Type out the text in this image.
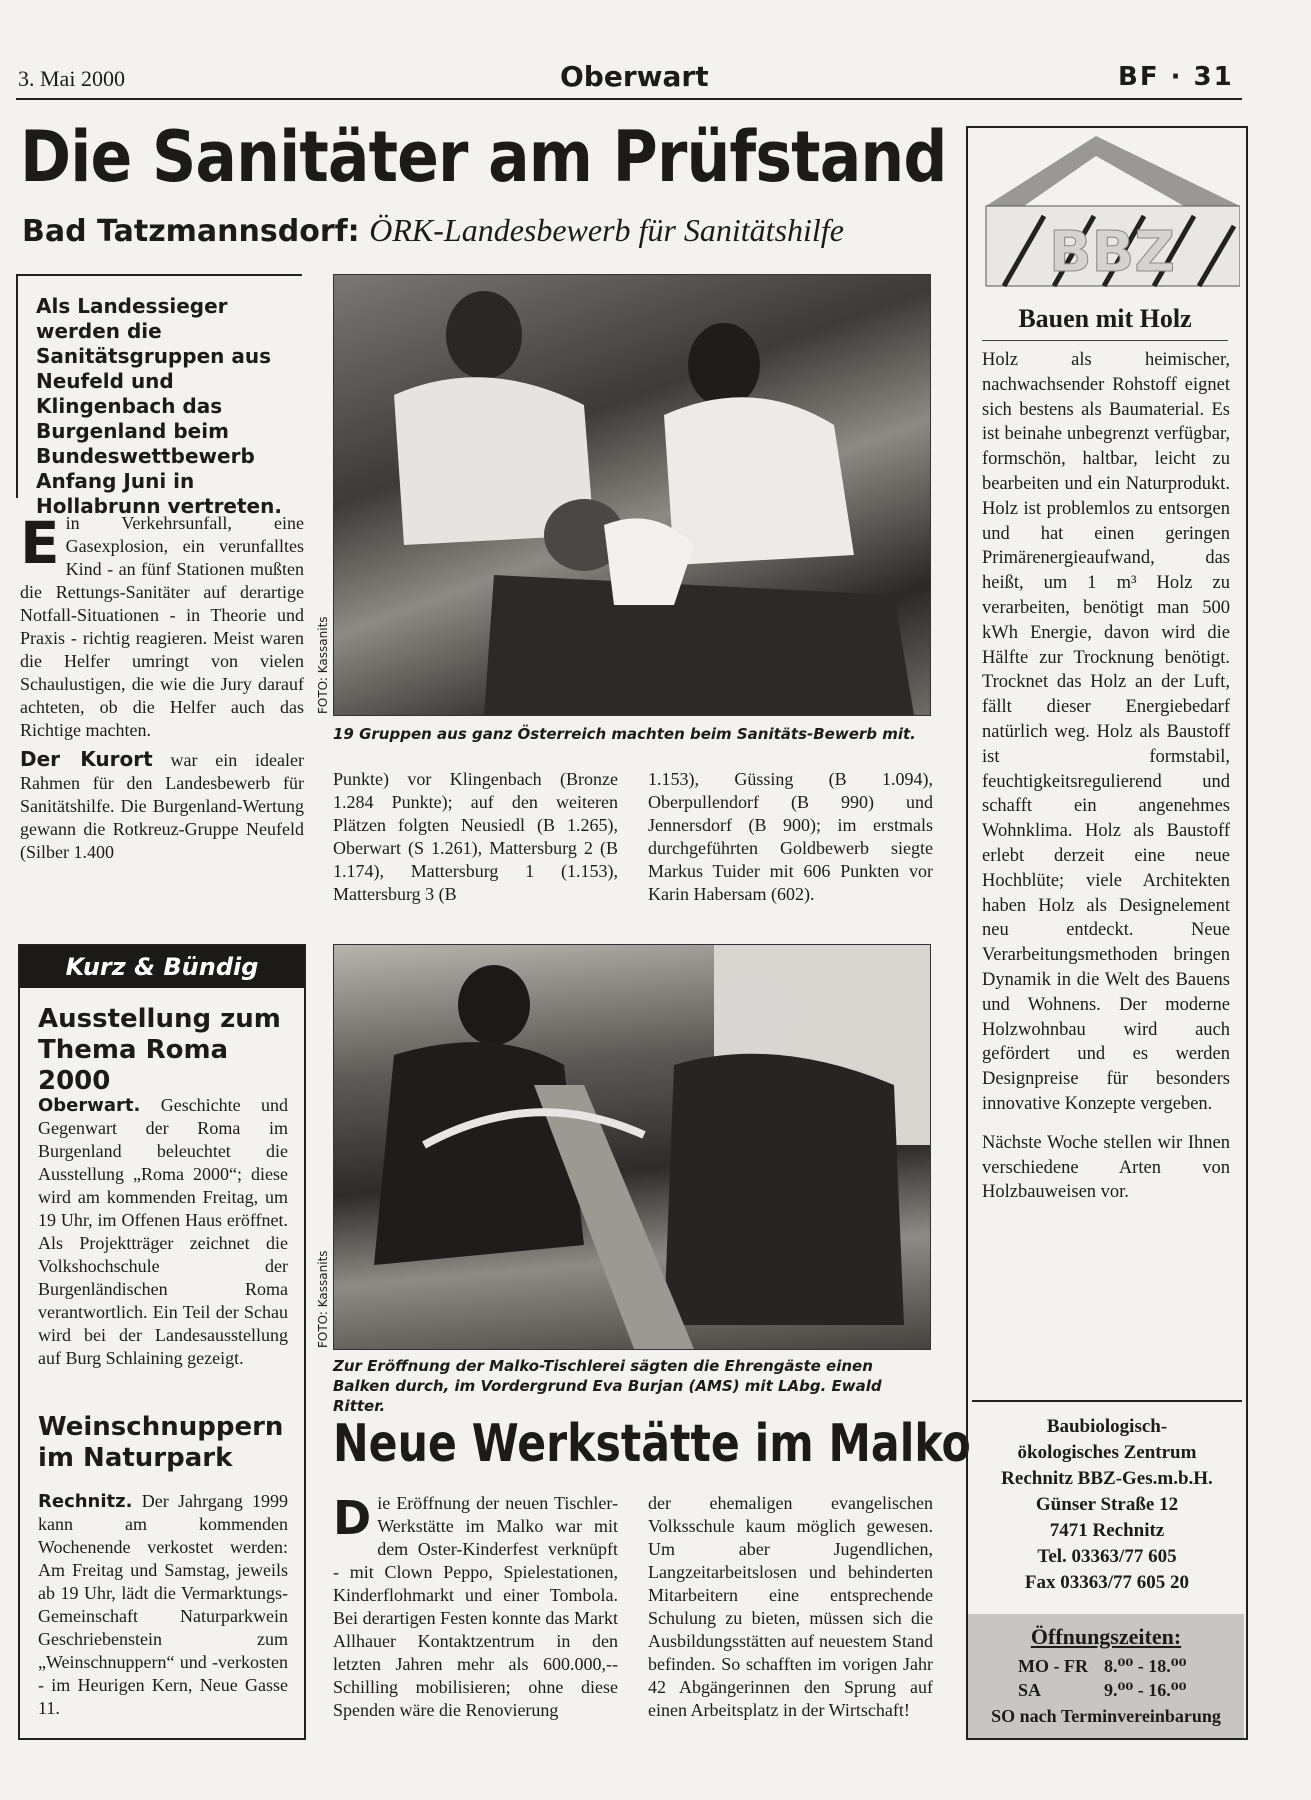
3. Mai 2000	Oberwart	BF · 31
Die Sanitäter am Prüfstand
Bad Tatzmannsdorf: ÖRK-Landesbewerb für Sanitätshilfe
Als Landessieger werden die Sanitätsgruppen aus Neufeld und Klingenbach das Burgenland beim Bundeswettbewerb Anfang Juni in Hollabrunn vertreten.
Ein Verkehrsunfall, eine Gasexplosion, ein verunfalltes Kind - an fünf Stationen mußten die Rettungs-Sanitäter auf derartige Notfall-Situationen - in Theorie und Praxis - richtig reagieren. Meist waren die Helfer umringt von vielen Schaulustigen, die wie die Jury darauf achteten, ob die Helfer auch das Richtige machten.
Der Kurort war ein idealer Rahmen für den Landesbewerb für Sanitätshilfe. Die Burgenland-Wertung gewann die Rotkreuz-Gruppe Neufeld (Silber 1.400
FOTO: Kassanits
19 Gruppen aus ganz Österreich machten beim Sanitäts-Bewerb mit.
Punkte) vor Klingenbach (Bronze 1.284 Punkte); auf den weiteren Plätzen folgten Neusiedl (B 1.265), Oberwart (S 1.261), Mattersburg 2 (B 1.174), Mattersburg 1 (1.153), Mattersburg 3 (B
1.153), Güssing (B 1.094), Oberpullendorf (B 990) und Jennersdorf (B 900); im erstmals durchgeführten Goldbewerb siegte Markus Tuider mit 606 Punkten vor Karin Habersam (602).
Kurz & Bündig
Ausstellung zum Thema Roma 2000
Oberwart. Geschichte und Gegenwart der Roma im Burgenland beleuchtet die Ausstellung „Roma 2000“; diese wird am kommenden Freitag, um 19 Uhr, im Offenen Haus eröffnet. Als Projektträger zeichnet die Volkshochschule der Burgenländischen Roma verantwortlich. Ein Teil der Schau wird bei der Landesausstellung auf Burg Schlaining gezeigt.
Weinschnuppern im Naturpark
Rechnitz. Der Jahrgang 1999 kann am kommenden Wochenende verkostet werden: Am Freitag und Samstag, jeweils ab 19 Uhr, lädt die Vermarktungs-Gemeinschaft Naturparkwein Geschriebenstein zum „Weinschnuppern“ und -verkosten - im Heurigen Kern, Neue Gasse 11.
FOTO: Kassanits
Zur Eröffnung der Malko-Tischlerei sägten die Ehrengäste einen Balken durch, im Vordergrund Eva Burjan (AMS) mit LAbg. Ewald Ritter.
Neue Werkstätte im Malko
Die Eröffnung der neuen Tischler-Werkstätte im Malko war mit dem Oster-Kinderfest verknüpft - mit Clown Peppo, Spielestationen, Kinderflohmarkt und einer Tombola. Bei derartigen Festen konnte das Markt Allhauer Kontaktzentrum in den letzten Jahren mehr als 600.000,-- Schilling mobilisieren; ohne diese Spenden wäre die Renovierung
der ehemaligen evangelischen Volksschule kaum möglich gewesen. Um aber Jugendlichen, Langzeitarbeitslosen und behinderten Mitarbeitern eine entsprechende Schulung zu bieten, müssen sich die Ausbildungsstätten auf neuestem Stand befinden. So schafften im vorigen Jahr 42 Abgängerinnen den Sprung auf einen Arbeitsplatz in der Wirtschaft!
BBZ
Bauen mit Holz

Holz als heimischer, nachwachsender Rohstoff eignet sich bestens als Baumaterial. Es ist beinahe unbegrenzt verfügbar, formschön, haltbar, leicht zu bearbeiten und ein Naturprodukt. Holz ist problemlos zu entsorgen und hat einen geringen Primärenergieaufwand, das heißt, um 1 m³ Holz zu verarbeiten, benötigt man 500 kWh Energie, davon wird die Hälfte zur Trocknung benötigt. Trocknet das Holz an der Luft, fällt dieser Energiebedarf natürlich weg. Holz als Baustoff ist formstabil, feuchtigkeitsregulierend und schafft ein angenehmes Wohnklima. Holz als Baustoff erlebt derzeit eine neue Hochblüte; viele Architekten haben Holz als Designelement neu entdeckt. Neue Verarbeitungsmethoden bringen Dynamik in die Welt des Bauens und Wohnens. Der moderne Holzwohnbau wird auch gefördert und es werden Designpreise für besonders innovative Konzepte vergeben.

Nächste Woche stellen wir Ihnen verschiedene Arten von Holzbauweisen vor.

Baubiologisch-
ökologisches Zentrum
Rechnitz BBZ-Ges.m.b.H.
Günser Straße 12
7471 Rechnitz
Tel. 03363/77 605
Fax 03363/77 605 20
Öffnungszeiten:
MO - FR 8.⁰⁰ - 18.⁰⁰
SA	9.⁰⁰ - 16.⁰⁰
SO nach Terminvereinbarung
